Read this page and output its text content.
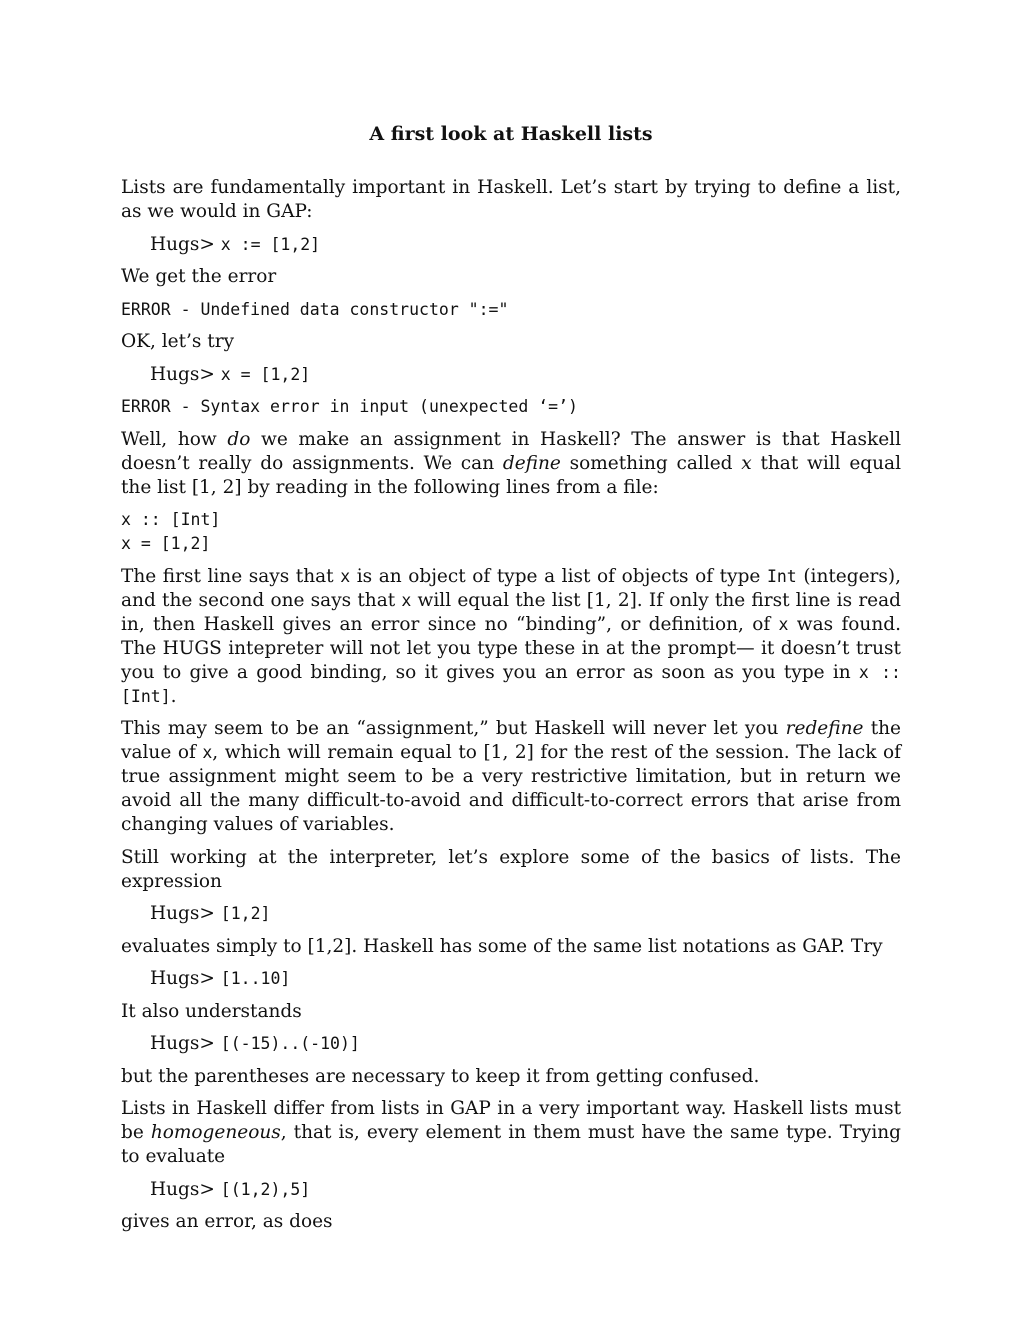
A first look at Haskell lists

Lists are fundamentally important in Haskell. Let’s start by trying to define a list, as we would in GAP:

Hugs> x := [1,2]

We get the error

ERROR - Undefined data constructor ":="

OK, let’s try

Hugs> x = [1,2]
ERROR - Syntax error in input (unexpected ‘=’)

Well, how do we make an assignment in Haskell? The answer is that Haskell doesn’t really do assignments. We can define something called x that will equal the list [1, 2] by reading in the following lines from a file:

x :: [Int]
x = [1,2]

The first line says that x is an object of type a list of objects of type Int (integers), and the second one says that x will equal the list [1, 2]. If only the first line is read in, then Haskell gives an error since no “binding”, or definition, of x was found. The HUGS intepreter will not let you type these in at the prompt— it doesn’t trust you to give a good binding, so it gives you an error as soon as you type in x :: [Int].

This may seem to be an “assignment,” but Haskell will never let you redefine the value of x, which will remain equal to [1, 2] for the rest of the session. The lack of true assignment might seem to be a very restrictive limitation, but in return we avoid all the many difficult-to-avoid and difficult-to-correct errors that arise from changing values of variables.

Still working at the interpreter, let’s explore some of the basics of lists. The expression

Hugs> [1,2]

evaluates simply to [1,2]. Haskell has some of the same list notations as GAP. Try

Hugs> [1..10]

It also understands

Hugs> [(-15)..(-10)]

but the parentheses are necessary to keep it from getting confused.

Lists in Haskell differ from lists in GAP in a very important way. Haskell lists must be homogeneous, that is, every element in them must have the same type. Trying to evaluate

Hugs> [(1,2),5]

gives an error, as does
